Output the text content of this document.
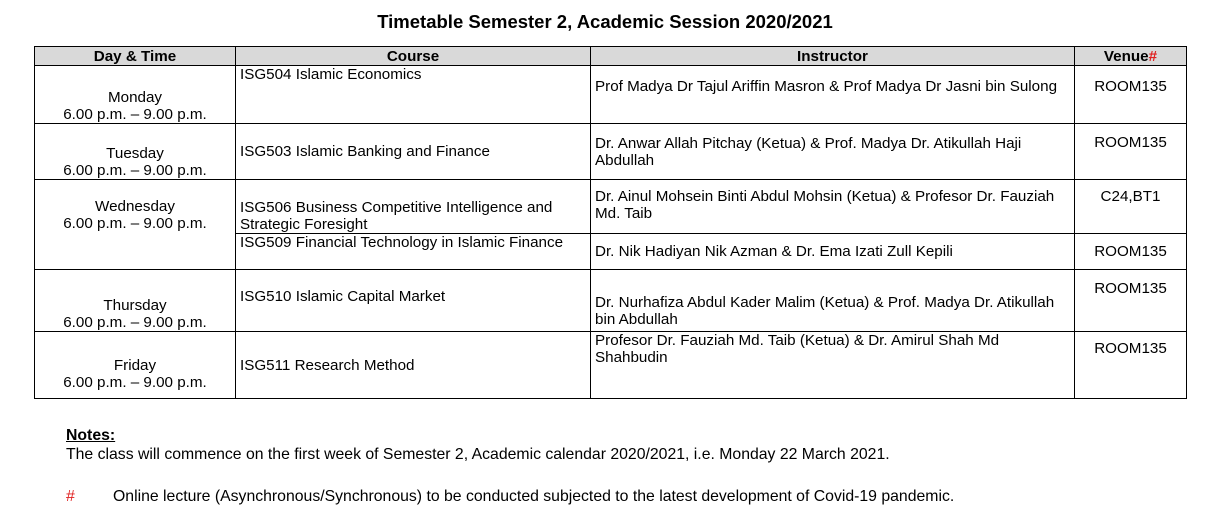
Timetable Semester 2, Academic Session 2020/2021
Day & Time	Course	Instructor	Venue#
Monday
6.00 p.m. – 9.00 p.m.	ISG504 Islamic Economics	Prof Madya Dr Tajul Ariffin Masron & Prof Madya Dr Jasni bin Sulong	ROOM135
Tuesday
6.00 p.m. – 9.00 p.m.	ISG503 Islamic Banking and Finance	Dr. Anwar Allah Pitchay (Ketua) & Prof. Madya Dr. Atikullah Haji Abdullah	ROOM135
Wednesday
6.00 p.m. – 9.00 p.m.	ISG506 Business Competitive Intelligence and Strategic Foresight	Dr. Ainul Mohsein Binti Abdul Mohsin (Ketua) & Profesor Dr. Fauziah Md. Taib	C24,BT1
	ISG509 Financial Technology in Islamic Finance	Dr. Nik Hadiyan Nik Azman & Dr. Ema Izati Zull Kepili	ROOM135
Thursday
6.00 p.m. – 9.00 p.m.	ISG510 Islamic Capital Market	Dr. Nurhafiza Abdul Kader Malim (Ketua) & Prof. Madya Dr. Atikullah bin Abdullah	ROOM135
Friday
6.00 p.m. – 9.00 p.m.	ISG511 Research Method	Profesor Dr. Fauziah Md. Taib (Ketua) & Dr. Amirul Shah Md Shahbudin	ROOM135
Notes:
The class will commence on the first week of Semester 2, Academic calendar 2020/2021, i.e. Monday 22 March 2021.
# Online lecture (Asynchronous/Synchronous) to be conducted subjected to the latest development of Covid-19 pandemic.
